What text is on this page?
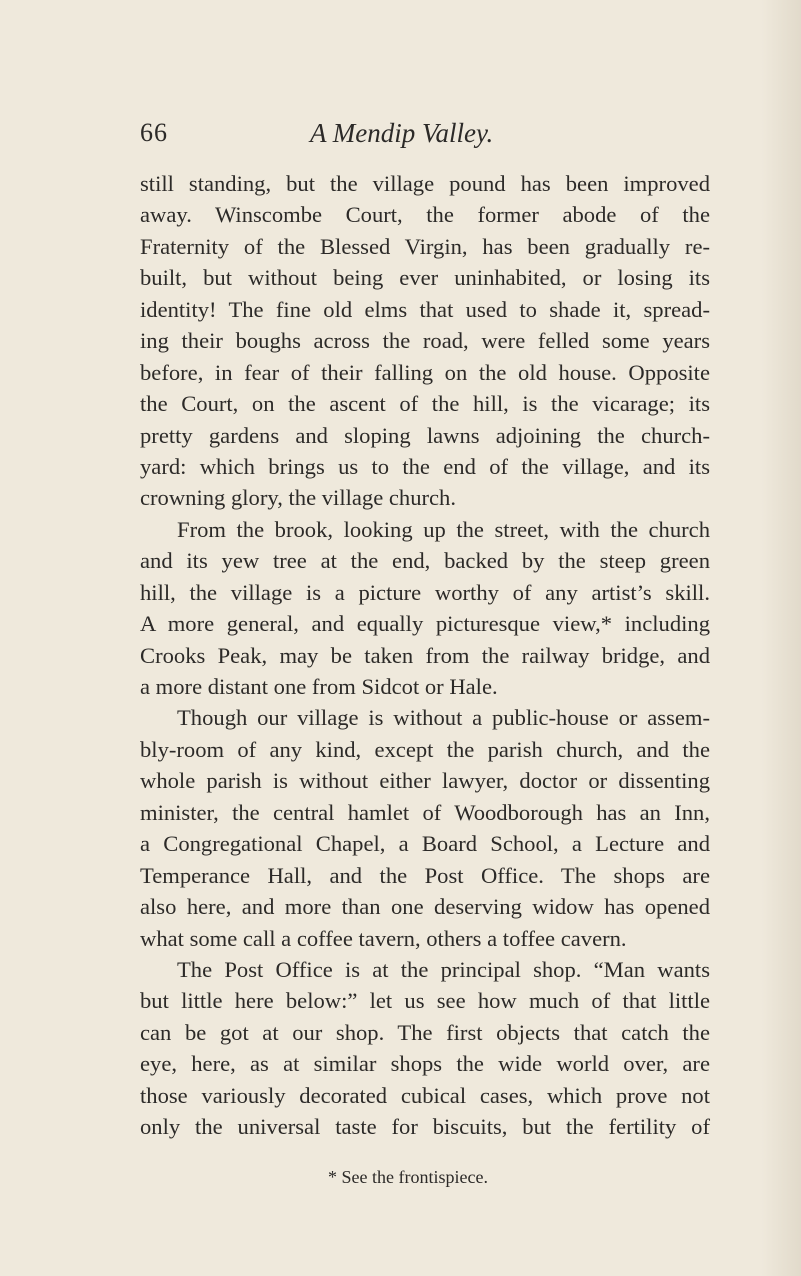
66	A Mendip Valley.
still standing, but the village pound has been improved
away. Winscombe Court, the former abode of the
Fraternity of the Blessed Virgin, has been gradually re-
built, but without being ever uninhabited, or losing its
identity! The fine old elms that used to shade it, spread-
ing their boughs across the road, were felled some years
before, in fear of their falling on the old house. Opposite
the Court, on the ascent of the hill, is the vicarage; its
pretty gardens and sloping lawns adjoining the church-
yard: which brings us to the end of the village, and its
crowning glory, the village church.
From the brook, looking up the street, with the church
and its yew tree at the end, backed by the steep green
hill, the village is a picture worthy of any artist’s skill.
A more general, and equally picturesque view,* including
Crooks Peak, may be taken from the railway bridge, and
a more distant one from Sidcot or Hale.
Though our village is without a public-house or assem-
bly-room of any kind, except the parish church, and the
whole parish is without either lawyer, doctor or dissenting
minister, the central hamlet of Woodborough has an Inn,
a Congregational Chapel, a Board School, a Lecture and
Temperance Hall, and the Post Office. The shops are
also here, and more than one deserving widow has opened
what some call a coffee tavern, others a toffee cavern.
The Post Office is at the principal shop. “Man wants
but little here below:” let us see how much of that little
can be got at our shop. The first objects that catch the
eye, here, as at similar shops the wide world over, are
those variously decorated cubical cases, which prove not
only the universal taste for biscuits, but the fertility of
* See the frontispiece.
